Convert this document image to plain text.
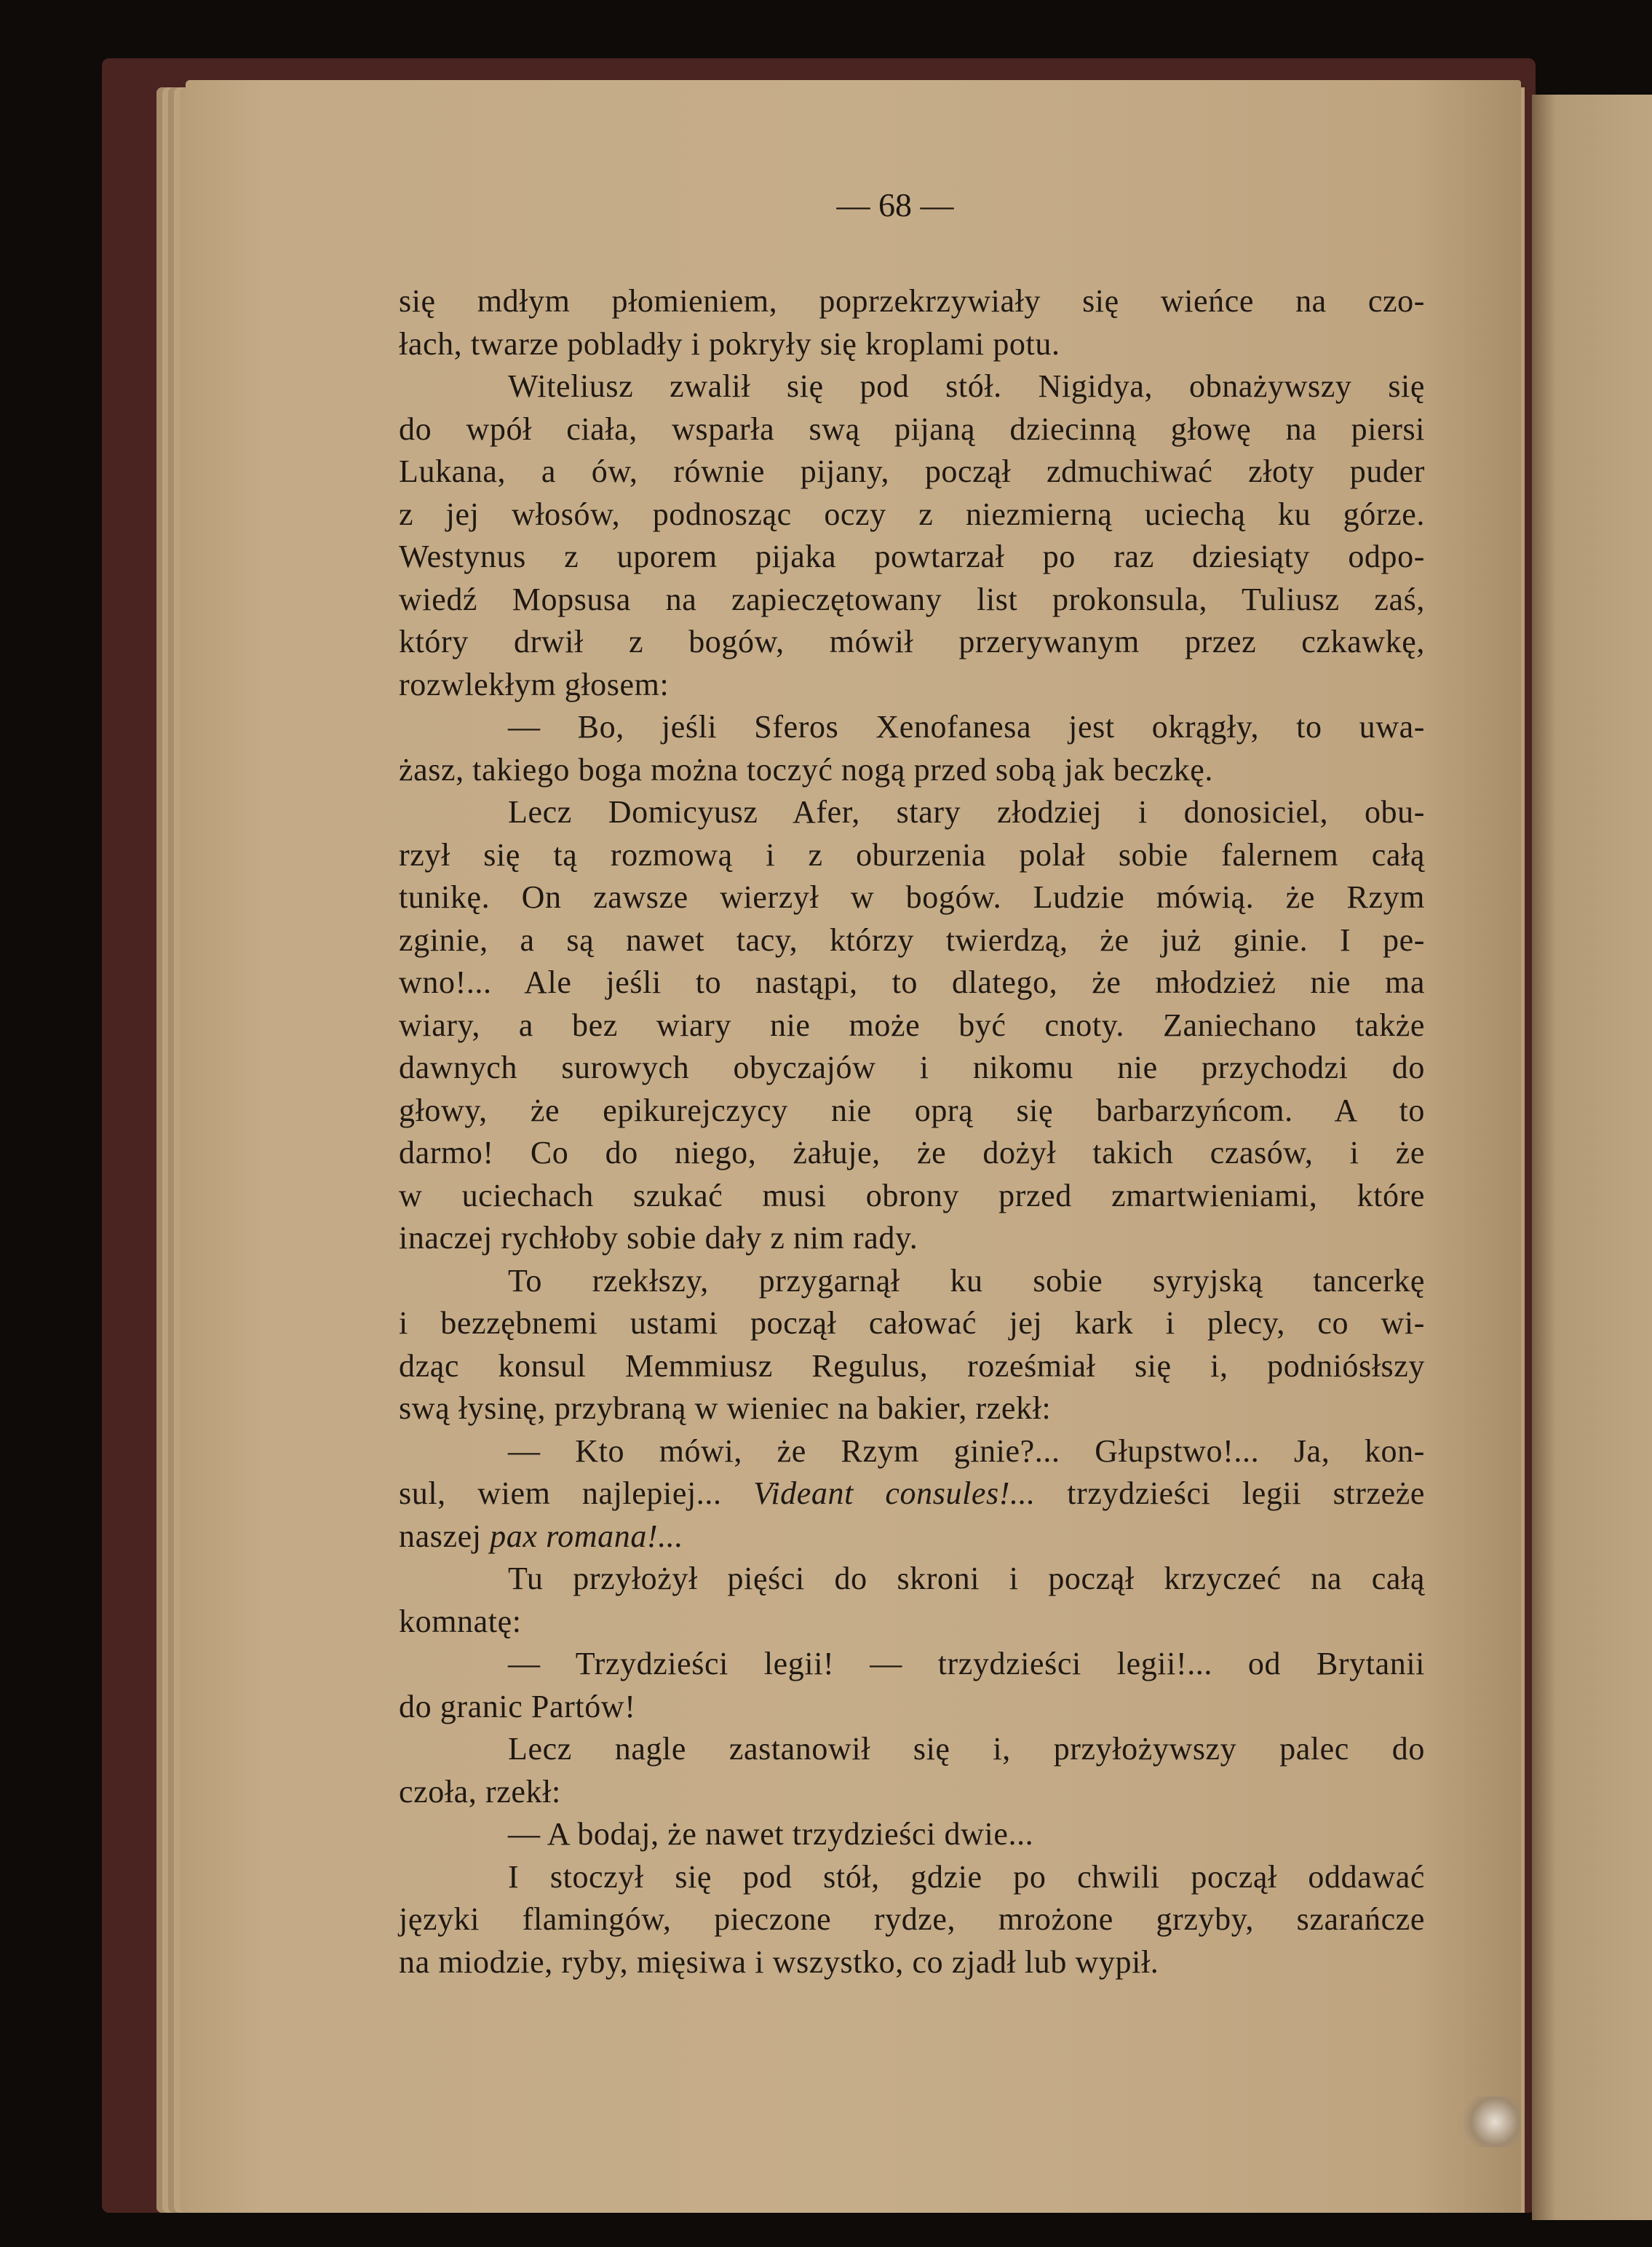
— 68 —
się mdłym płomieniem, poprzekrzywiały się wieńce na czo-
łach, twarze pobladły i pokryły się kroplami potu.
Witeliusz zwalił się pod stół. Nigidya, obnażywszy się
do wpół ciała, wsparła swą pijaną dziecinną głowę na piersi
Lukana, a ów, równie pijany, począł zdmuchiwać złoty puder
z jej włosów, podnosząc oczy z niezmierną uciechą ku górze.
Westynus z uporem pijaka powtarzał po raz dziesiąty odpo-
wiedź Mopsusa na zapieczętowany list prokonsula, Tuliusz zaś,
który drwił z bogów, mówił przerywanym przez czkawkę,
rozwlekłym głosem:
— Bo, jeśli Sferos Xenofanesa jest okrągły, to uwa-
żasz, takiego boga można toczyć nogą przed sobą jak beczkę.
Lecz Domicyusz Afer, stary złodziej i donosiciel, obu-
rzył się tą rozmową i z oburzenia polał sobie falernem całą
tunikę. On zawsze wierzył w bogów. Ludzie mówią. że Rzym
zginie, a są nawet tacy, którzy twierdzą, że już ginie. I pe-
wno!... Ale jeśli to nastąpi, to dlatego, że młodzież nie ma
wiary, a bez wiary nie może być cnoty. Zaniechano także
dawnych surowych obyczajów i nikomu nie przychodzi do
głowy, że epikurejczycy nie oprą się barbarzyńcom. A to
darmo! Co do niego, żałuje, że dożył takich czasów, i że
w uciechach szukać musi obrony przed zmartwieniami, które
inaczej rychłoby sobie dały z nim rady.
To rzekłszy, przygarnął ku sobie syryjską tancerkę
i bezzębnemi ustami począł całować jej kark i plecy, co wi-
dząc konsul Memmiusz Regulus, roześmiał się i, podniósłszy
swą łysinę, przybraną w wieniec na bakier, rzekł:
— Kto mówi, że Rzym ginie?... Głupstwo!... Ja, kon-
sul, wiem najlepiej... Videant consules!... trzydzieści legii strzeże
naszej pax romana!...
Tu przyłożył pięści do skroni i począł krzyczeć na całą
komnatę:
— Trzydzieści legii! — trzydzieści legii!... od Brytanii
do granic Partów!
Lecz nagle zastanowił się i, przyłożywszy palec do
czoła, rzekł:
— A bodaj, że nawet trzydzieści dwie...
I stoczył się pod stół, gdzie po chwili począł oddawać
języki flamingów, pieczone rydze, mrożone grzyby, szarańcze
na miodzie, ryby, mięsiwa i wszystko, co zjadł lub wypił.
